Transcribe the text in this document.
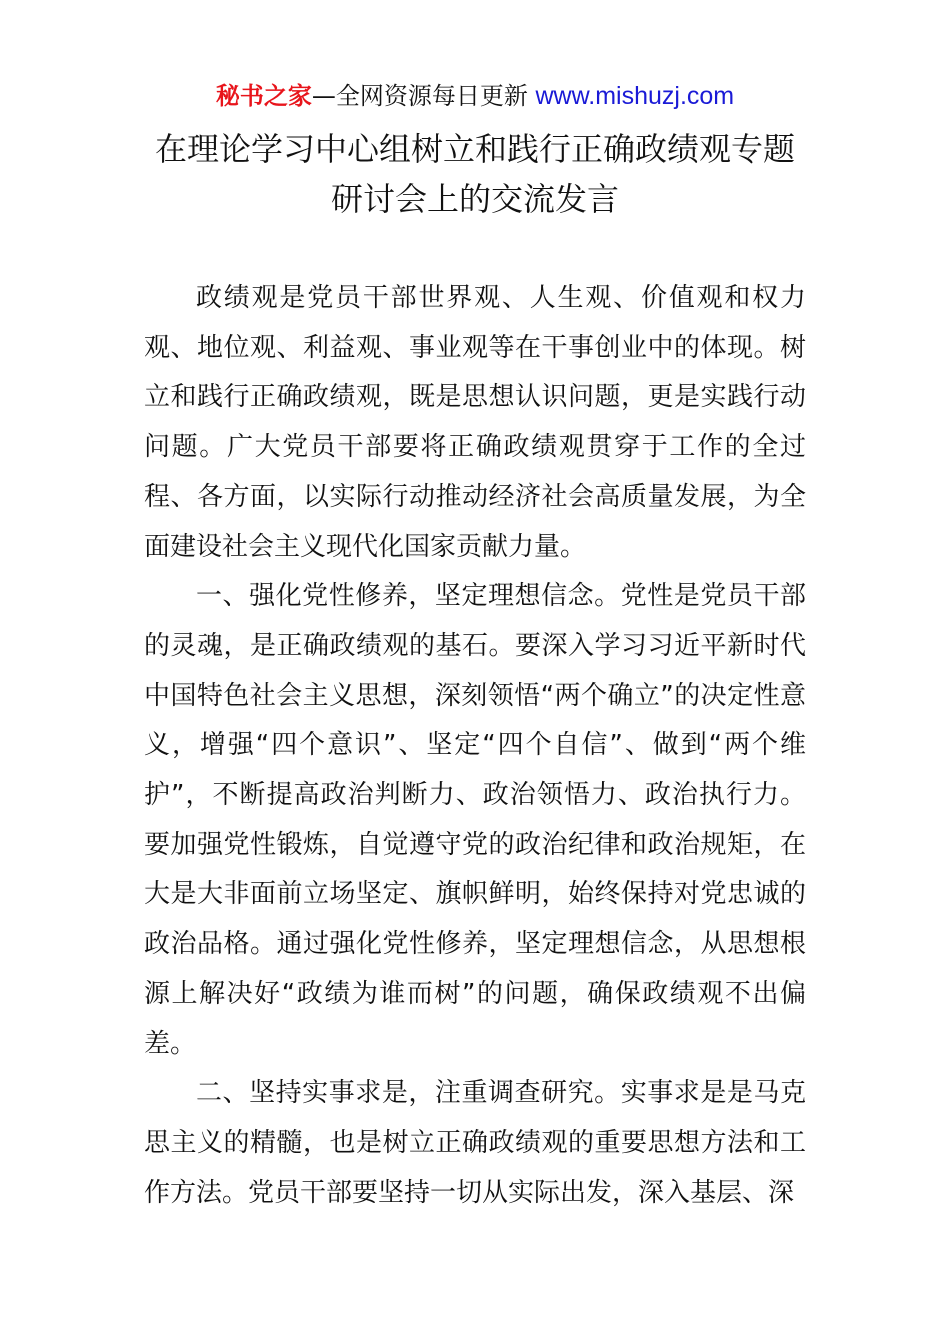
秘书之家—全网资源每日更新 www.mishuzj.com
在理论学习中心组树立和践行正确政绩观专题
研讨会上的交流发言

政绩观是党员干部世界观、人生观、价值观和权力观、地位观、利益观、事业观等在干事创业中的体现。树立和践行正确政绩观，既是思想认识问题，更是实践行动问题。广大党员干部要将正确政绩观贯穿于工作的全过程、各方面，以实际行动推动经济社会高质量发展，为全面建设社会主义现代化国家贡献力量。

一、强化党性修养，坚定理想信念。党性是党员干部的灵魂，是正确政绩观的基石。要深入学习习近平新时代中国特色社会主义思想，深刻领悟“两个确立”的决定性意义，增强“四个意识”、坚定“四个自信”、做到“两个维护”，不断提高政治判断力、政治领悟力、政治执行力。要加强党性锻炼，自觉遵守党的政治纪律和政治规矩，在大是大非面前立场坚定、旗帜鲜明，始终保持对党忠诚的政治品格。通过强化党性修养，坚定理想信念，从思想根源上解决好“政绩为谁而树”的问题，确保政绩观不出偏差。

二、坚持实事求是，注重调查研究。实事求是是马克思主义的精髓，也是树立正确政绩观的重要思想方法和工作方法。党员干部要坚持一切从实际出发，深入基层、深
